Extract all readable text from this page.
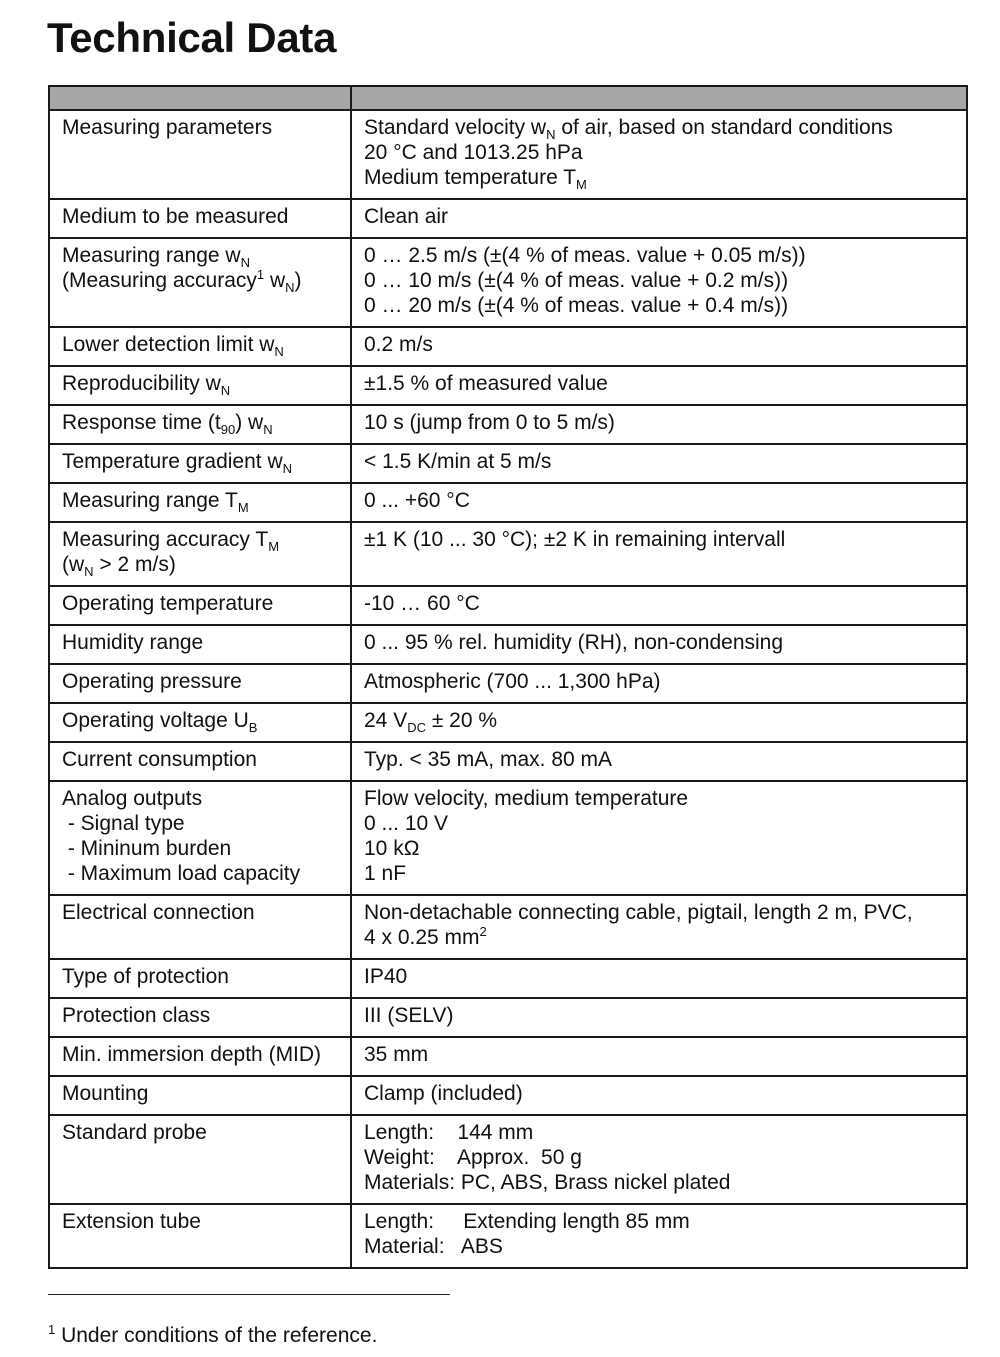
Technical Data

Measuring parameters	Standard velocity $w_N$ of air, based on standard conditions
20 °C and 1013.25 hPa
Medium temperature $T_M$

Medium to be measured	Clean air

Measuring range $w_N$
(Measuring accuracy$^1$ $w_N$)	0 … 2.5 m/s (±(4 % of meas. value + 0.05 m/s))
0 … 10 m/s (±(4 % of meas. value + 0.2 m/s))
0 … 20 m/s (±(4 % of meas. value + 0.4 m/s))

Lower detection limit $w_N$	0.2 m/s

Reproducibility $w_N$	±1.5 % of measured value

Response time $(t_{90})$ $w_N$	10 s (jump from 0 to 5 m/s)

Temperature gradient $w_N$	< 1.5 K/min at 5 m/s

Measuring range $T_M$	0 ... +60 °C

Measuring accuracy $T_M$
($w_N > 2$ m/s)	±1 K (10 ... 30 °C); ±2 K in remaining intervall

Operating temperature	-10 … 60 °C

Humidity range	0 ... 95 % rel. humidity (RH), non-condensing

Operating pressure	Atmospheric (700 ... 1,300 hPa)

Operating voltage $U_B$	24 $V_{DC} \pm 20$ %

Current consumption	Typ. < 35 mA, max. 80 mA

Analog outputs
- Signal type
- Mininum burden
- Maximum load capacity	Flow velocity, medium temperature
0 ... 10 V
10 kΩ
1 nF

Electrical connection	Non-detachable connecting cable, pigtail, length 2 m, PVC,
4 x 0.25 $mm^2$

Type of protection	IP40

Protection class	III (SELV)

Min. immersion depth (MID)	35 mm

Mounting	Clamp (included)

Standard probe	Length:    144 mm
Weight:    Approx.  50 g
Materials: PC, ABS, Brass nickel plated

Extension tube	Length:     Extending length 85 mm
Material:   ABS
$^1$ Under conditions of the reference.
